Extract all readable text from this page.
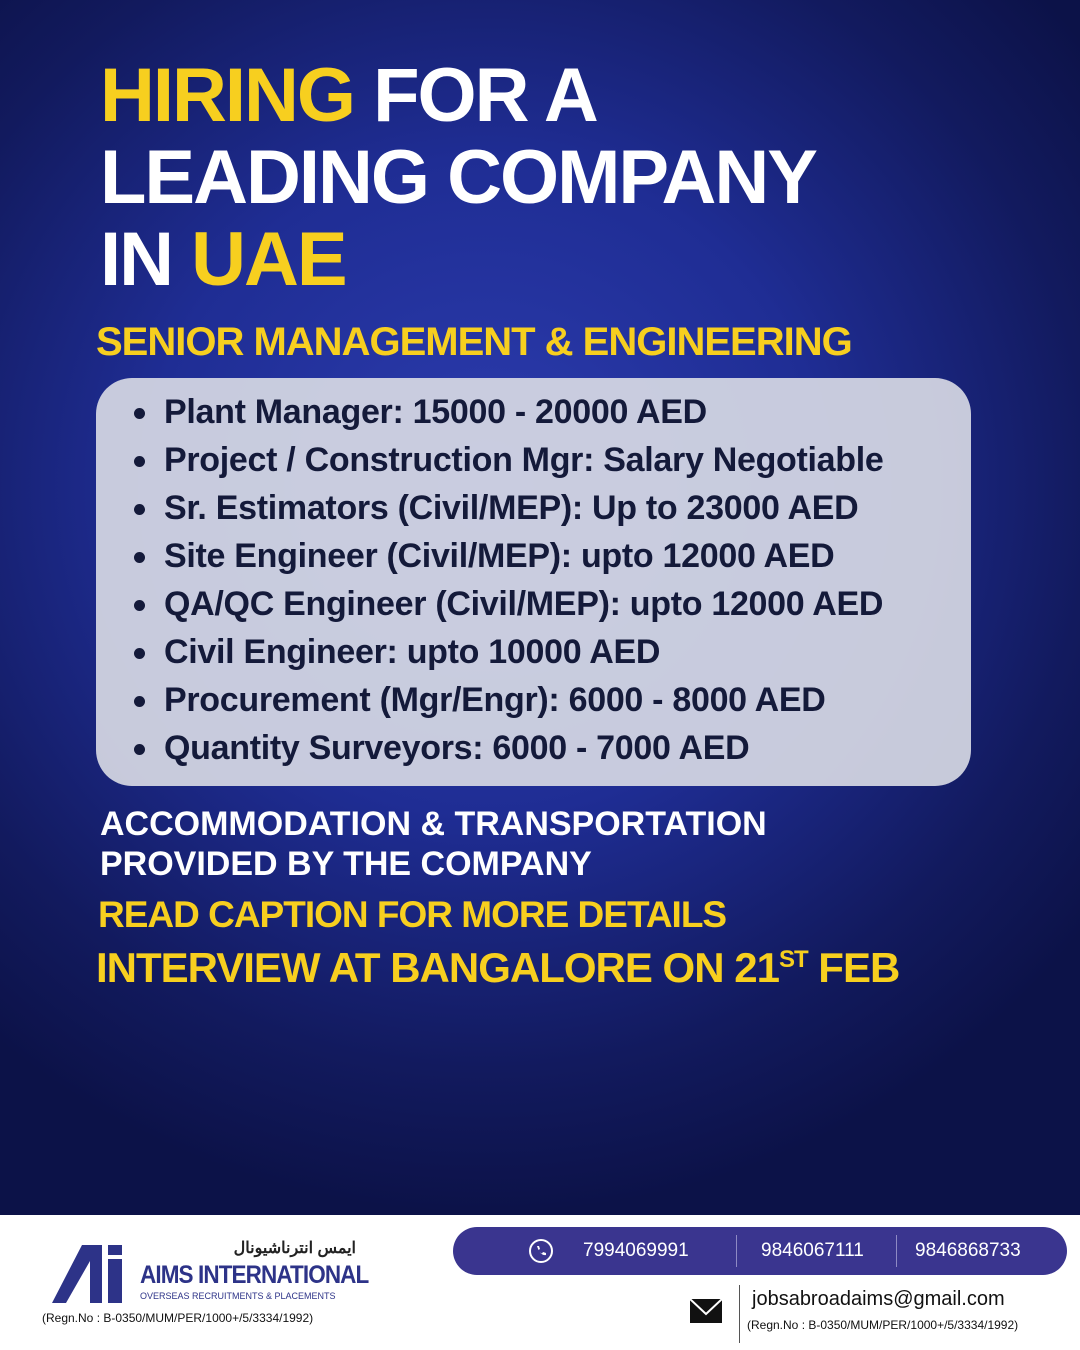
HIRING FOR A
LEADING COMPANY
IN UAE
SENIOR MANAGEMENT & ENGINEERING
Plant Manager: 15000 - 20000 AED
Project / Construction Mgr: Salary Negotiable
Sr. Estimators (Civil/MEP): Up to 23000 AED
Site Engineer (Civil/MEP): upto 12000 AED
QA/QC Engineer (Civil/MEP): upto 12000 AED
Civil Engineer: upto 10000 AED
Procurement (Mgr/Engr): 6000 - 8000 AED
Quantity Surveyors: 6000 - 7000 AED
ACCOMMODATION & TRANSPORTATION
PROVIDED BY THE COMPANY
READ CAPTION FOR MORE DETAILS
INTERVIEW AT BANGALORE ON 21ST FEB
ايمس انترناشيونال
AIMS INTERNATIONAL
OVERSEAS RECRUITMENTS & PLACEMENTS
(Regn.No : B-0350/MUM/PER/1000+/5/3334/1992)
7994069991	9846067111	9846868733
jobsabroadaims@gmail.com
(Regn.No : B-0350/MUM/PER/1000+/5/3334/1992)
